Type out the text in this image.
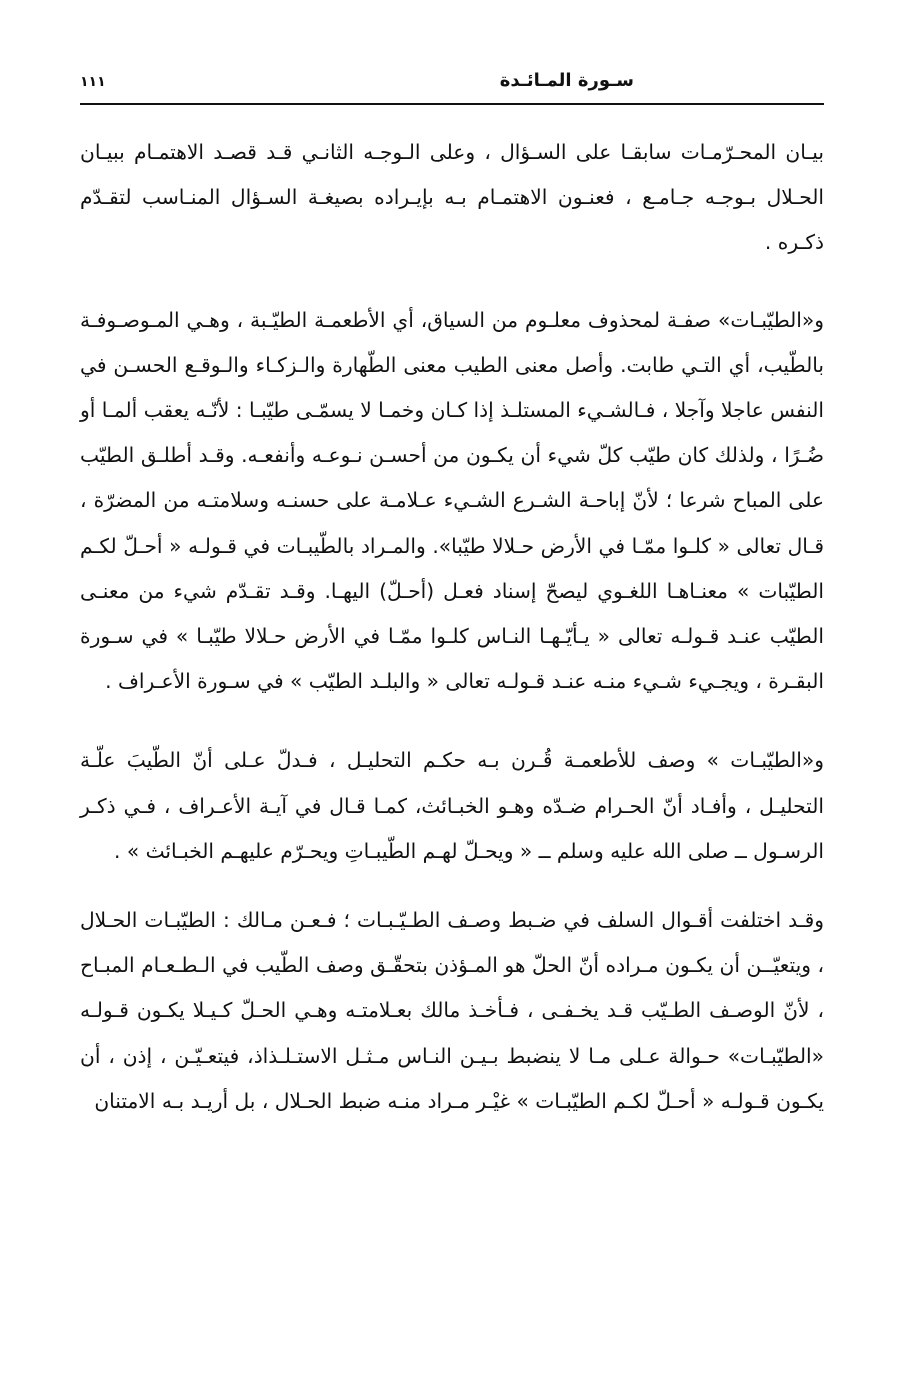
سـورة المـائـدة
١١١

بيـان المحـرّمـات سابقـا على السـؤال ، وعلى الـوجـه الثانـي قـد قصـد الاهتمـام ببيـان الحـلال بـوجـه جـامـع ، فعنـون الاهتمـام بـه بإيـراده بصيغـة السـؤال المنـاسب لتقـدّم ذكـره .

و«الطيّبـات» صفـة لمحذوف معلـوم من السياق، أي الأطعمـة الطيّـبة ، وهـي المـوصـوفـة بالطّيب، أي التـي طابت. وأصل معنى الطيب معنى الطّهارة والـزكـاء والـوقـع الحسـن في النفس عاجلا وآجلا ، فـالشـيء المستلـذ إذا كـان وخمـا لا يسمّـى طيّبـا : لأنّـه يعقب ألمـا أو ضُـرًا ، ولذلك كان طيّب كلّ شيء أن يكـون من أحسـن نـوعـه وأنفعـه. وقـد أطلـق الطيّب على المباح شرعا ؛ لأنّ إباحـة الشـرع الشـيء عـلامـة على حسنـه وسلامتـه من المضرّة ، قـال تعالى « كلـوا ممّـا في الأرض حـلالا طيّبا». والمـراد بالطّيبـات في قـولـه « أحـلّ لكـم الطيّبات » معنـاهـا اللغـوي ليصحّ إسناد فعـل (أحـلّ) اليهـا. وقـد تقـدّم شيء من معنـى الطيّب عنـد قـولـه تعالى « يـأيّـهـا النـاس كلـوا ممّـا في الأرض حـلالا طيّبـا » في سـورة البقـرة ، ويجـيء شـيء منـه عنـد قـولـه تعالى « والبلـد الطيّب » في سـورة الأعـراف .

و«الطيّبـات » وصف للأطعمـة قُـرن بـه حكـم التحليـل ، فـدلّ عـلى أنّ الطّيبَ علّـة التحليـل ، وأفـاد أنّ الحـرام ضـدّه وهـو الخبـائث، كمـا قـال في آيـة الأعـراف ، فـي ذكـر الرسـول ــ صلى الله عليه وسلم ــ « ويحـلّ لهـم الطّيبـاتِ ويحـرّم عليهـم الخبـائث » .

وقـد اختلفت أقـوال السلف في ضـبط وصـف الطـيّـبـات ؛ فـعـن مـالك : الطيّبـات الحـلال ، ويتعيّــن أن يكـون مـراده أنّ الحلّ هو المـؤذن بتحقّـق وصف الطّيب في الـطـعـام المبـاح ، لأنّ الوصـف الطـيّب قـد يخـفـى ، فـأخـذ مالك بعـلامتـه وهـي الحـلّ كـيـلا يكـون قـولـه «الطيّبـات» حـوالة عـلى مـا لا ينضبط بـيـن النـاس مـثـل الاستـلـذاذ، فيتعـيّـن ، إذن ، أن يكـون قـولـه « أحـلّ لكـم الطيّبـات » غيْـر مـراد منـه ضبط الحـلال ، بل أريـد بـه الامتنان
